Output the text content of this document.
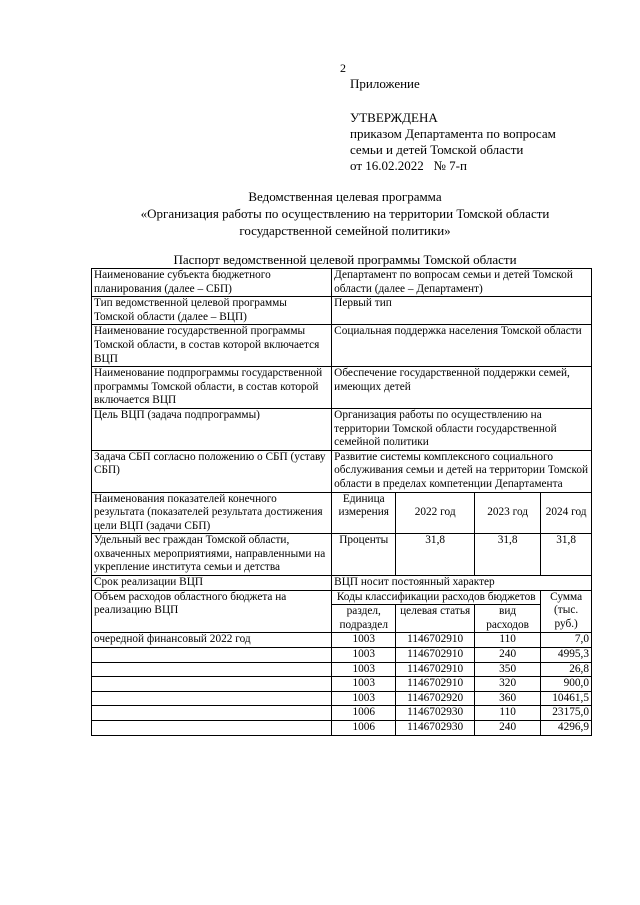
2
Приложение
УТВЕРЖДЕНА
приказом Департамента по вопросам
семьи и детей Томской области
от 16.02.2022   № 7-п
Ведомственная целевая программа
«Организация работы по осуществлению на территории Томской области
государственной семейной политики»
Паспорт ведомственной целевой программы Томской области
Наименование субъекта бюджетного планирования (далее – СБП)	Департамент по вопросам семьи и детей Томской области (далее – Департамент)			
Тип ведомственной целевой программы Томской области (далее – ВЦП)	Первый тип			
Наименование государственной программы Томской области, в состав которой включается ВЦП	Социальная поддержка населения Томской области			
Наименование подпрограммы государственной программы Томской области, в состав которой включается ВЦП	Обеспечение государственной поддержки семей, имеющих детей			
Цель ВЦП (задача подпрограммы)	Организация работы по осуществлению на территории Томской области государственной семейной политики			
Задача СБП согласно положению о СБП (уставу СБП)	Развитие системы комплексного социального обслуживания семьи и детей на территории Томской области в пределах компетенции Департамента			
Наименования показателей конечного результата (показателей результата достижения цели ВЦП (задачи СБП)	Единица измерения	2022 год	2023 год	2024 год
Удельный вес граждан Томской области, охваченных мероприятиями, направленными на укрепление института семьи и детства	Проценты	31,8	31,8	31,8
Срок реализации ВЦП	ВЦП носит постоянный характер			
Объем расходов областного бюджета на реализацию ВЦП	Коды классификации расходов бюджетов			Сумма (тыс. руб.)
	раздел, подраздел	целевая статья	вид расходов	
очередной финансовый 2022 год	1003	1146702910	110	7,0
	1003	1146702910	240	4995,3
	1003	1146702910	350	26,8
	1003	1146702910	320	900,0
	1003	1146702920	360	10461,5
	1006	1146702930	110	23175,0
	1006	1146702930	240	4296,9
